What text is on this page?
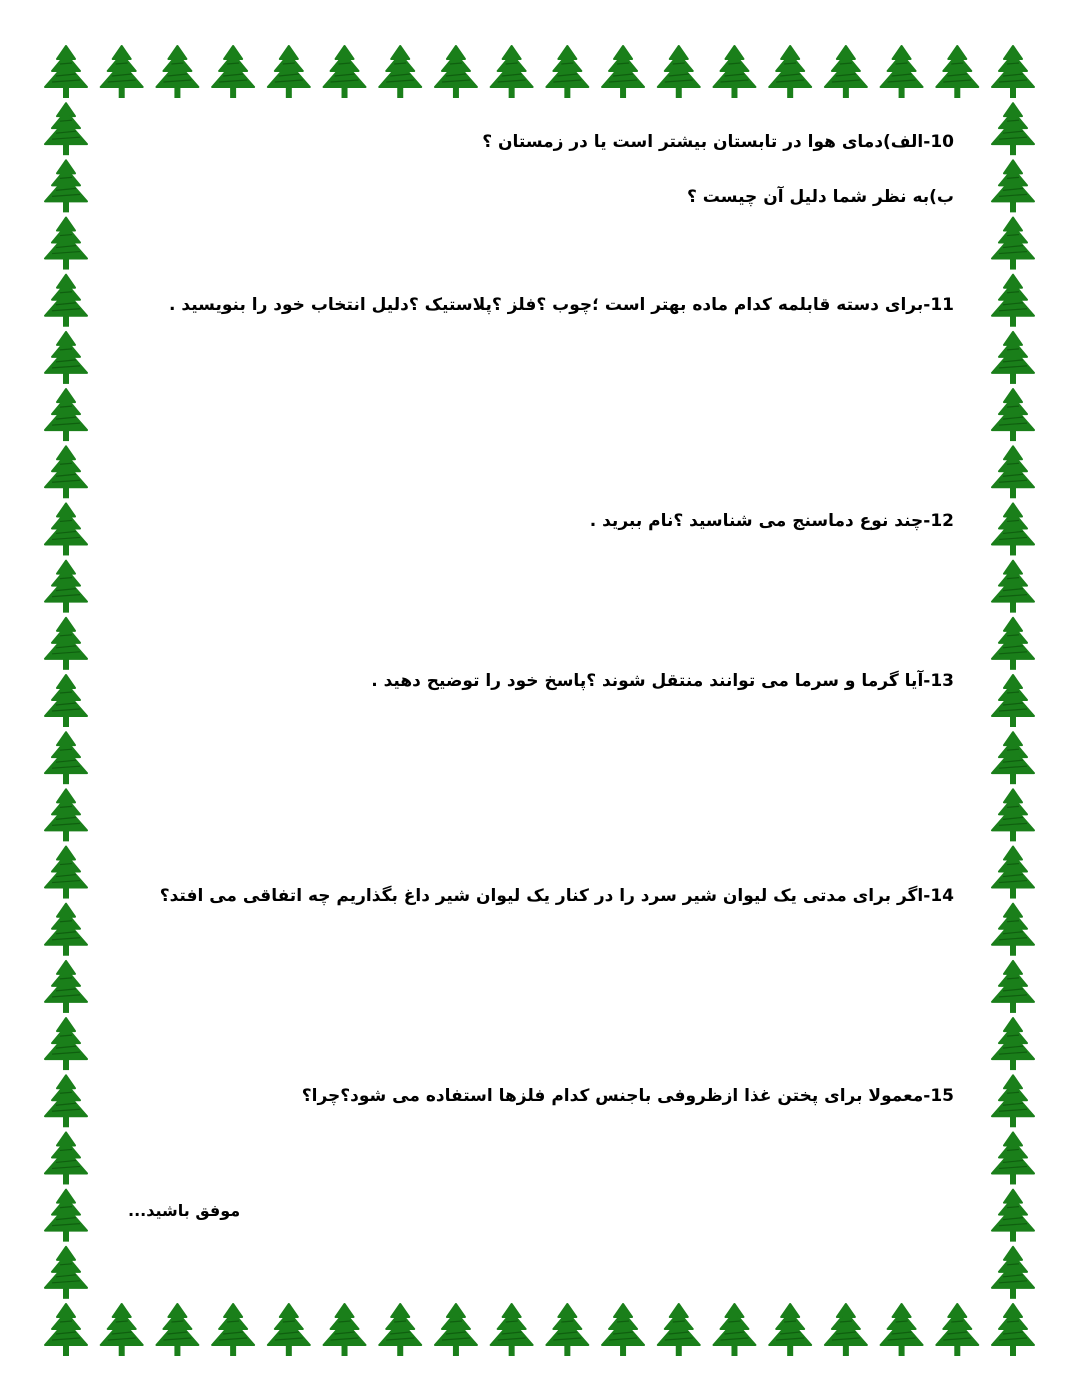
10-الف)دمای هوا در تابستان بیشتر است یا در زمستان ؟
ب)به نظر شما دلیل آن چیست ؟
11-برای دسته قابلمه کدام ماده بهتر است ؛چوب ؟فلز ؟پلاستیک ؟دلیل انتخاب خود را بنویسید .
12-چند نوع دماسنج می شناسید ؟نام ببرید .
13-آیا گرما و سرما می توانند منتقل شوند ؟پاسخ خود را توضیح دهید .
14-اگر برای مدتی یک لیوان شیر سرد را در کنار یک لیوان شیر داغ بگذاریم چه اتفاقی می افتد؟
15-معمولا برای پختن غذا ازظروفی باجنس کدام فلزها استفاده می شود؟چرا؟
موفق باشید...
